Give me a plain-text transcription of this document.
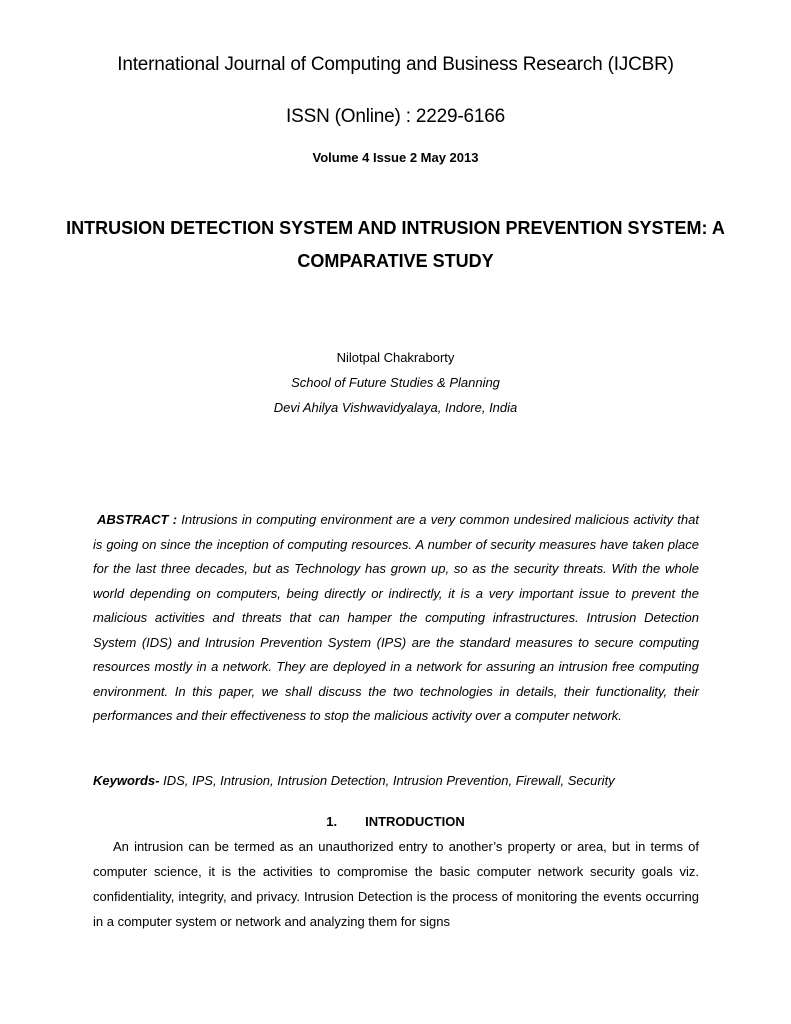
International Journal of Computing and Business Research (IJCBR)
ISSN (Online) : 2229-6166
Volume 4 Issue 2 May 2013
INTRUSION DETECTION SYSTEM AND INTRUSION PREVENTION SYSTEM: A COMPARATIVE STUDY
Nilotpal Chakraborty
School of Future Studies & Planning
Devi Ahilya Vishwavidyalaya, Indore, India
ABSTRACT : Intrusions in computing environment are a very common undesired malicious activity that is going on since the inception of computing resources. A number of security measures have taken place for the last three decades, but as Technology has grown up, so as the security threats. With the whole world depending on computers, being directly or indirectly, it is a very important issue to prevent the malicious activities and threats that can hamper the computing infrastructures. Intrusion Detection System (IDS) and Intrusion Prevention System (IPS) are the standard measures to secure computing resources mostly in a network. They are deployed in a network for assuring an intrusion free computing environment. In this paper, we shall discuss the two technologies in details, their functionality, their performances and their effectiveness to stop the malicious activity over a computer network.
Keywords- IDS, IPS, Intrusion, Intrusion Detection, Intrusion Prevention, Firewall, Security
1. INTRODUCTION
An intrusion can be termed as an unauthorized entry to another’s property or area, but in terms of computer science, it is the activities to compromise the basic computer network security goals viz. confidentiality, integrity, and privacy. Intrusion Detection is the process of monitoring the events occurring in a computer system or network and analyzing them for signs
